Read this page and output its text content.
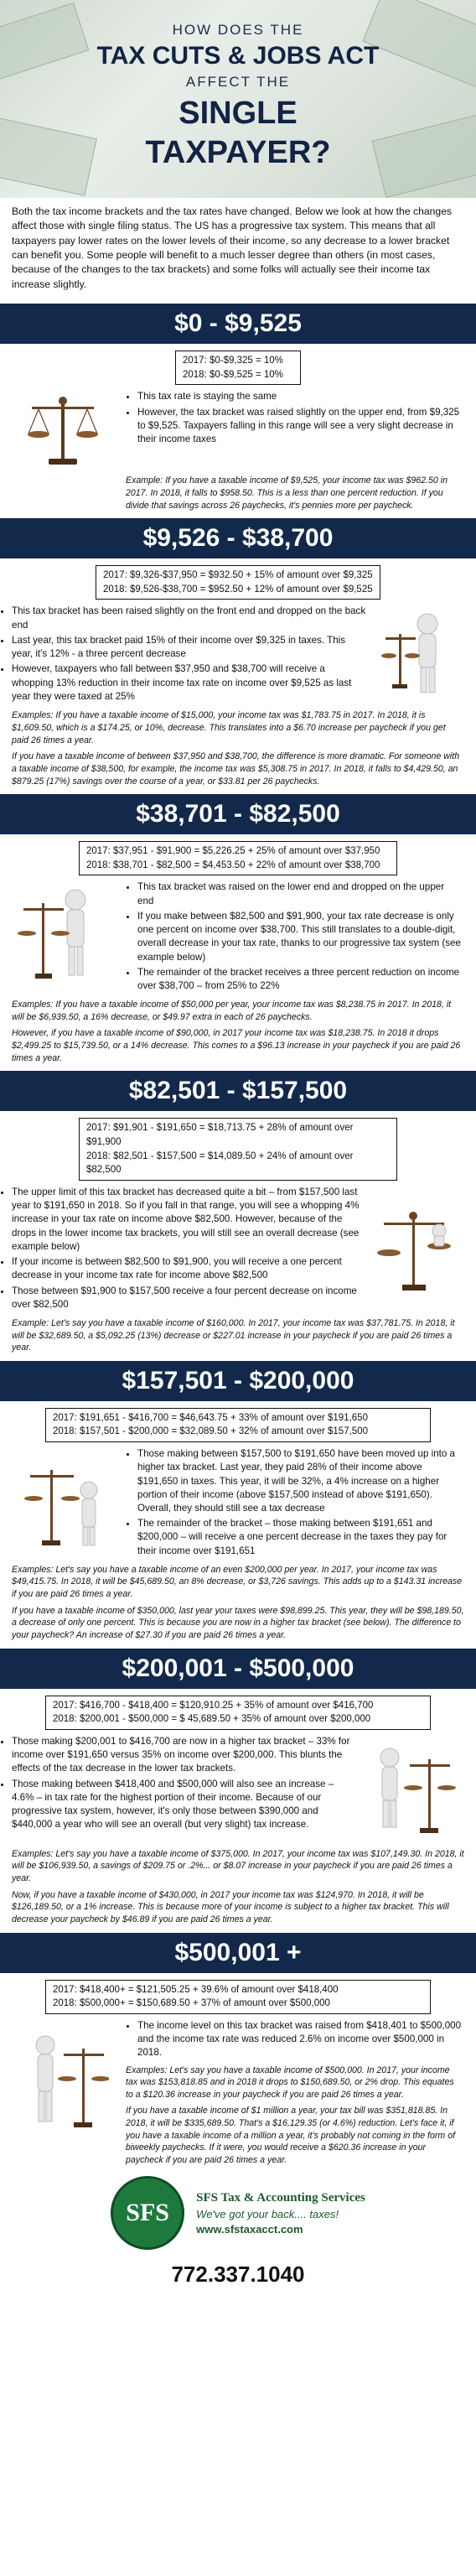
HOW DOES THE
TAX CUTS & JOBS ACT
AFFECT THE
SINGLE
TAXPAYER?

Both the tax income brackets and the tax rates have changed. Below we look at how the changes affect those with single filing status. The US has a progressive tax system. This means that all taxpayers pay lower rates on the lower levels of their income, so any decrease to a lower bracket can benefit you. Some people will benefit to a much lesser degree than others (in most cases, because of the changes to the tax brackets) and some folks will actually see their income tax increase slightly.

$0 - $9,525
2017: $0-$9,325 = 10%
2018: $0-$9,525 = 10%
• This tax rate is staying the same
• However, the tax bracket was raised slightly on the upper end, from $9,325 to $9,525. Taxpayers falling in this range will see a very slight decrease in their income taxes

Example: If you have a taxable income of $9,525, your income tax was $962.50 in 2017. In 2018, it falls to $958.50. This is a less than one percent reduction. If you divide that savings across 26 paychecks, it's pennies more per paycheck.

$9,526 - $38,700
2017: $9,326-$37,950 = $932.50 + 15% of amount over $9,325
2018: $9,526-$38,700 = $952.50 + 12% of amount over $9,525
• This tax bracket has been raised slightly on the front end and dropped on the back end
• Last year, this tax bracket paid 15% of their income over $9,325 in taxes. This year, it's 12% - a three percent decrease
• However, taxpayers who fall between $37,950 and $38,700 will receive a whopping 13% reduction in their income tax rate on income over $9,525 as last year they were taxed at 25%

Examples: If you have a taxable income of $15,000, your income tax was $1,783.75 in 2017. In 2018, it is $1,609.50, which is a $174.25, or 10%, decrease. This translates into a $6.70 increase per paycheck if you get paid 26 times a year.

If you have a taxable income of between $37,950 and $38,700, the difference is more dramatic. For someone with a taxable income of $38,500, for example, the income tax was $5,308.75 in 2017. In 2018, it falls to $4,429.50, an $879.25 (17%) savings over the course of a year, or $33.81 per 26 paychecks.

$38,701 - $82,500
2017: $37,951 - $91,900 = $5,226.25 + 25% of amount over $37,950
2018: $38,701 - $82,500 = $4,453.50 + 22% of amount over $38,700
• This tax bracket was raised on the lower end and dropped on the upper end
• If you make between $82,500 and $91,900, your tax rate decrease is only one percent on income over $38,700. This still translates to a double-digit, overall decrease in your tax rate, thanks to our progressive tax system (see example below)
• The remainder of the bracket receives a three percent reduction on income over $38,700 – from 25% to 22%

Examples: If you have a taxable income of $50,000 per year, your income tax was $8,238.75 in 2017. In 2018, it will be $6,939.50, a 16% decrease, or $49.97 extra in each of 26 paychecks.

However, if you have a taxable income of $90,000, in 2017 your income tax was $18,238.75. In 2018 it drops $2,499.25 to $15,739.50, or a 14% decrease. This comes to a $96.13 increase in your paycheck if you are paid 26 times a year.

$82,501 - $157,500
2017: $91,901 - $191,650 = $18,713.75 + 28% of amount over $91,900
2018: $82,501 - $157,500 = $14,089.50 + 24% of amount over $82,500
• The upper limit of this tax bracket has decreased quite a bit – from $157,500 last year to $191,650 in 2018. So if you fall in that range, you will see a whopping 4% increase in your tax rate on income above $82,500. However, because of the drops in the lower income tax brackets, you will still see an overall decrease (see example below)
• If your income is between $82,500 to $91,900, you will receive a one percent decrease in your income tax rate for income above $82,500
• Those between $91,900 to $157,500 receive a four percent decrease on income over $82,500

Example: Let's say you have a taxable income of $160,000. In 2017, your income tax was $37,781.75. In 2018, it will be $32,689.50, a $5,092.25 (13%) decrease or $227.01 increase in your paycheck if you are paid 26 times a year.

$157,501 - $200,000
2017: $191,651 - $416,700 = $46,643.75 + 33% of amount over $191,650
2018: $157,501 - $200,000 = $32,089.50 + 32% of amount over $157,500
• Those making between $157,500 to $191,650 have been moved up into a higher tax bracket. Last year, they paid 28% of their income above $191,650 in taxes. This year, it will be 32%, a 4% increase on a higher portion of their income (above $157,500 instead of above $191,650). Overall, they should still see a tax decrease
• The remainder of the bracket – those making between $191,651 and $200,000 – will receive a one percent decrease in the taxes they pay for their income over $191,651

Examples: Let's say you have a taxable income of an even $200,000 per year. In 2017, your income tax was $49,415.75. In 2018, it will be $45,689.50, an 8% decrease, or $3,726 savings. This adds up to a $143.31 increase if you are paid 26 times a year.

If you have a taxable income of $350,000, last year your taxes were $98,899.25. This year, they will be $98,189.50, a decrease of only one percent. This is because you are now in a higher tax bracket (see below). The difference to your paycheck? An increase of $27.30 if you are paid 26 times a year.

$200,001 - $500,000
2017: $416,700 - $418,400 = $120,910.25 + 35% of amount over $416,700
2018: $200,001 - $500,000 = $ 45,689.50 + 35% of amount over $200,000
• Those making $200,001 to $416,700 are now in a higher tax bracket – 33% for income over $191,650 versus 35% on income over $200,000. This blunts the effects of the tax decrease in the lower tax brackets.
• Those making between $418,400 and $500,000 will also see an increase – 4.6% – in tax rate for the highest portion of their income. Because of our progressive tax system, however, it's only those between $390,000 and $440,000 a year who will see an overall (but very slight) tax increase.

Examples: Let's say you have a taxable income of $375,000. In 2017, your income tax was $107,149.30. In 2018, it will be $106,939.50, a savings of $209.75 or .2%... or $8.07 increase in your paycheck if you are paid 26 times a year.

Now, if you have a taxable income of $430,000, in 2017 your income tax was $124,970. In 2018, it will be $126,189.50, or a 1% increase. This is because more of your income is subject to a higher tax bracket. This will decrease your paycheck by $46.89 if you are paid 26 times a year.

$500,001 +
2017: $418,400+ = $121,505.25 + 39.6% of amount over $418,400
2018: $500,000+ = $150,689.50 + 37% of amount over $500,000
• The income level on this tax bracket was raised from $418,401 to $500,000 and the income tax rate was reduced 2.6% on income over $500,000 in 2018.

Examples: Let's say you have a taxable income of $500,000. In 2017, your income tax was $153,818.85 and in 2018 it drops to $150,689.50, or 2% drop. This equates to a $120.36 increase in your paycheck if you are paid 26 times a year.

If you have a taxable income of $1 million a year, your tax bill was $351,818.85. In 2018, it will be $335,689.50. That's a $16,129.35 (or 4.6%) reduction. Let's face it, if you have a taxable income of a million a year, it's probably not coming in the form of biweekly paychecks. If it were, you would receive a $620.36 increase in your paycheck if you are paid 26 times a year.

SFS
SFS Tax & Accounting Services
We've got your back.... taxes!
www.sfstaxacct.com
772.337.1040
